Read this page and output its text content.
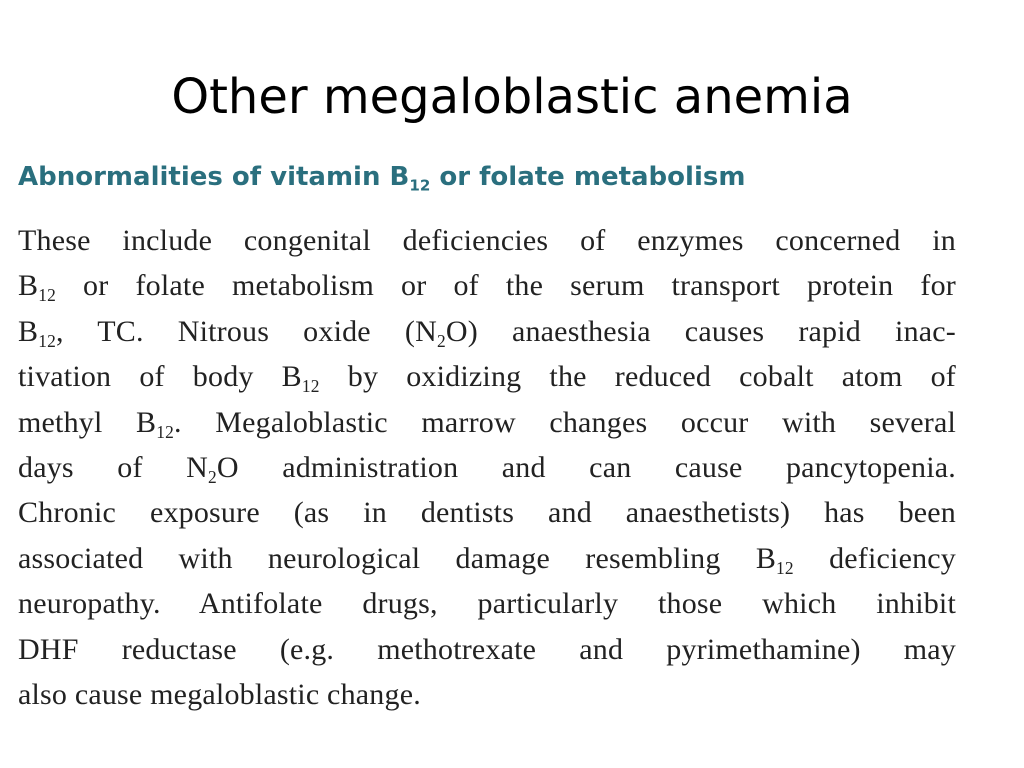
Other megaloblastic anemia
Abnormalities of vitamin $B_{12}$ or folate metabolism

These include congenital deficiencies of enzymes concerned in
$B_{12}$ or folate metabolism or of the serum transport protein for
$B_{12}$, TC. Nitrous oxide $(N_2O)$ anaesthesia causes rapid inac-
tivation of body $B_{12}$ by oxidizing the reduced cobalt atom of
methyl $B_{12}$. Megaloblastic marrow changes occur with several
days of $N_2O$ administration and can cause pancytopenia.
Chronic exposure (as in dentists and anaesthetists) has been
associated with neurological damage resembling $B_{12}$ deficiency
neuropathy. Antifolate drugs, particularly those which inhibit
DHF reductase (e.g. methotrexate and pyrimethamine) may
also cause megaloblastic change.
